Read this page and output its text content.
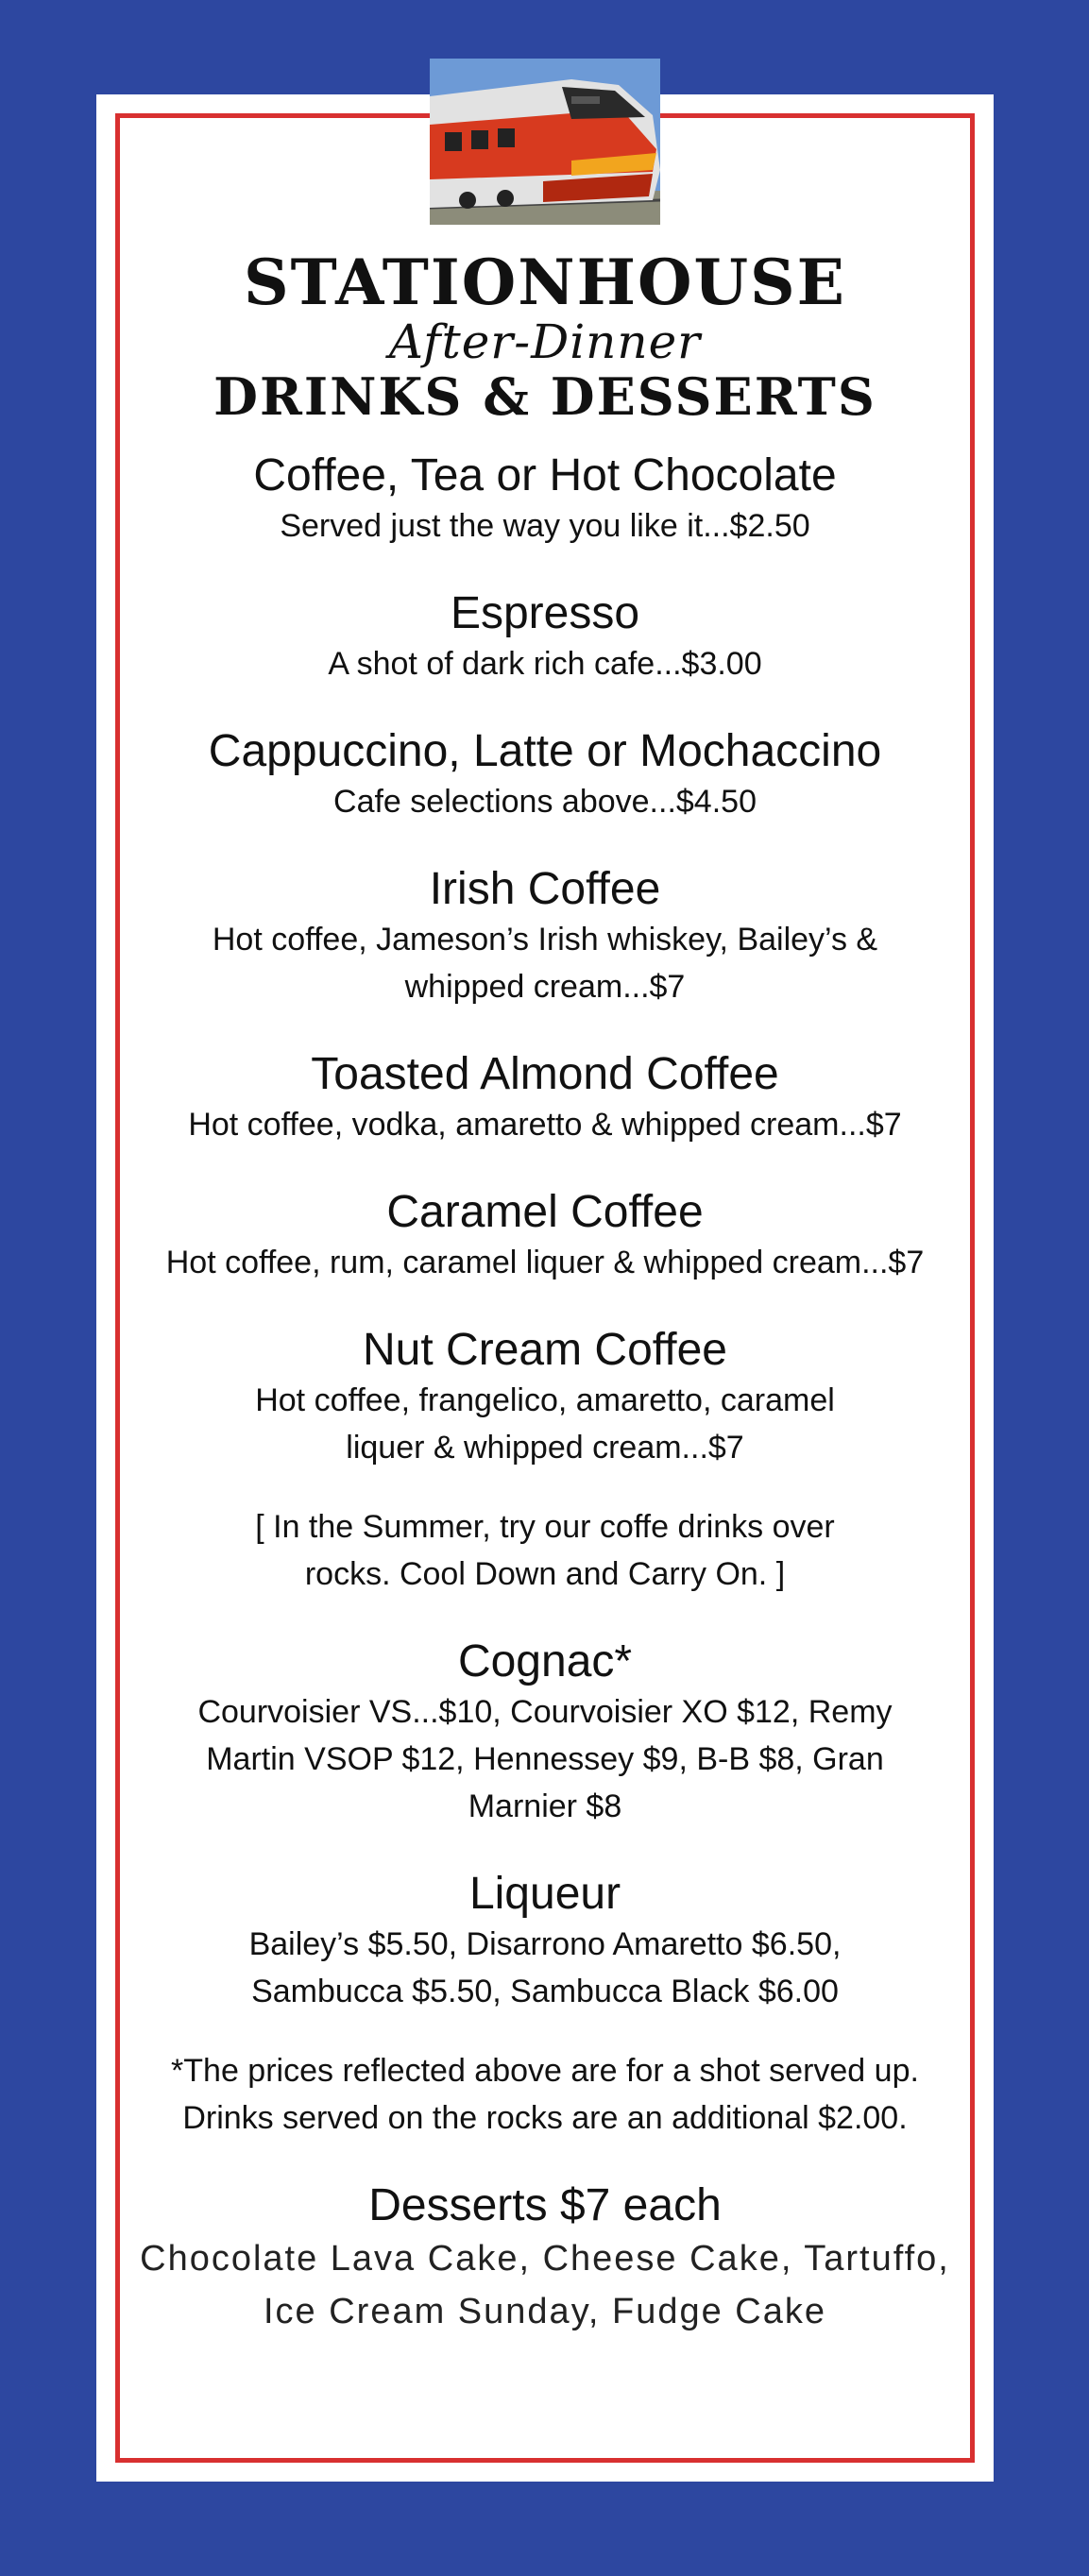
STATIONHOUSE
After-Dinner
DRINKS & DESSERTS
Coffee, Tea or Hot Chocolate
Served just the way you like it...$2.50
Espresso
A shot of dark rich cafe...$3.00
Cappuccino, Latte or Mochaccino
Cafe selections above...$4.50
Irish Coffee
Hot coffee, Jameson’s Irish whiskey, Bailey’s & whipped cream...$7
Toasted Almond Coffee
Hot coffee, vodka, amaretto & whipped cream...$7
Caramel Coffee
Hot coffee, rum, caramel liquer & whipped cream...$7
Nut Cream Coffee
Hot coffee, frangelico, amaretto, caramel liquer & whipped cream...$7
[ In the Summer, try our coffe drinks over rocks. Cool Down and Carry On. ]
Cognac*
Courvoisier VS...$10, Courvoisier XO $12, Remy Martin VSOP $12, Hennessey $9, B-B $8, Gran Marnier $8
Liqueur
Bailey’s $5.50, Disarrono Amaretto $6.50, Sambucca $5.50, Sambucca Black $6.00
*The prices reflected above are for a shot served up. Drinks served on the rocks are an additional $2.00.
Desserts $7 each
Chocolate Lava Cake, Cheese Cake, Tartuffo, Ice Cream Sunday, Fudge Cake
